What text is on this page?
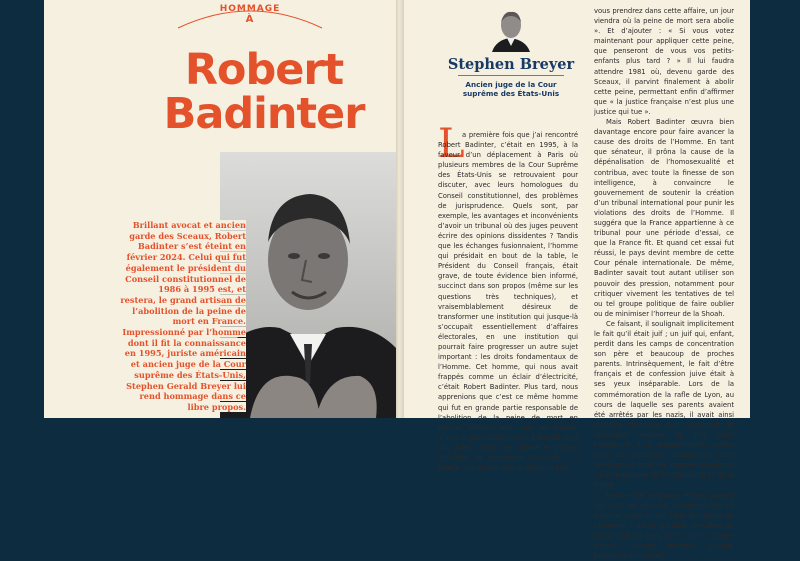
HOMMAGE
À
Robert
Badinter
Brillant avocat et ancien garde des Sceaux, Robert Badinter s’est éteint en février 2024. Celui qui fut également le président du Conseil constitutionnel de 1986 à 1995 est, et restera, le grand artisan de l’abolition de la peine de mort en France. Impressionné par l’homme dont il fit la connaissance en 1995, juriste américain et ancien juge de la Cour suprême des États-Unis, Stephen Gerald Breyer lui rend hommage dans ce libre propos.
Stephen Breyer
Ancien juge de la Cour suprême des États-Unis
L

a première fois que j’ai rencontré Robert Badinter, c’était en 1995, à la faveur d’un déplacement à Paris où plusieurs membres de la Cour Suprême des États-Unis se retrouvaient pour discuter, avec leurs homologues du Conseil constitutionnel, des problèmes de jurisprudence. Quels sont, par exemple, les avantages et inconvénients d’avoir un tribunal où des juges peuvent écrire des opinions dissidentes ? Tandis que les échanges fusionnaient, l’homme qui présidait en bout de la table, le Président du Conseil français, était grave, de toute évidence bien informé, succinct dans son propos (même sur les questions très techniques), et vraisemblablement désireux de transformer une institution qui jusque-là s’occupait essentiellement d’affaires électorales, en une institution qui pourrait faire progresser un autre sujet important : les droits fondamentaux de l’Homme. Cet homme, qui nous avait frappés comme un éclair d’électricité, c’était Robert Badinter. Plus tard, nous apprenions que c’est ce même homme qui fut en grande partie responsable de l’abolition de la peine de mort en France. Utilisant avec brio ses talents d’avocat pour cette cause, il lançait ainsi aux jurés, dans une affaire le voyant défendre de dangereux criminels : « Quelle que puisse être la décision que

vous prendrez dans cette affaire, un jour viendra où la peine de mort sera abolie ». Et d’ajouter : « Si vous votez maintenant pour appliquer cette peine, que penseront de vous vos petits-enfants plus tard ? » Il lui faudra attendre 1981 où, devenu garde des Sceaux, il parvint finalement à abolir cette peine, permettant enfin d’affirmer que « la justice française n’est plus une justice qui tue ».

Mais Robert Badinter œuvra bien davantage encore pour faire avancer la cause des droits de l’Homme. En tant que sénateur, il prôna la cause de la dépénalisation de l’homosexualité et contribua, avec toute la finesse de son intelligence, à convaincre le gouvernement de soutenir la création d’un tribunal international pour punir les violations des droits de l’Homme. Il suggéra que la France appartienne à ce tribunal pour une période d’essai, ce que la France fit. Et quand cet essai fut réussi, le pays devint membre de cette Cour pénale internationale. De même, Badinter savait tout autant utiliser son pouvoir des pression, notamment pour critiquer vivement les tentatives de tel ou tel groupe politique de faire oublier ou de minimiser l’horreur de la Shoah.

Ce faisant, il soulignait implicitement le fait qu’il était juif ; un juif qui, enfant, perdit dans les camps de concentration son père et beaucoup de proches parents. Intrinsèquement, le fait d’être français et de confession juive était à ses yeux inséparable. Lors de la commémoration de la rafle de Lyon, au cours de laquelle ses parents avaient été arrêtés par les nazis, il avait ainsi exprimé l’honneur qu’il ressentait de rencontrer encore de nos jours l’existence d’un antisémitisme, certes paré de nouveaux vêtements, mais révélant au fond les mêmes anciennes caractéristiques de l’irrationalité et de la haine.

Héritier de ce passé et des valeurs qui sont les siennes, comment fera-t-il avancer cette cause, celle des droits de l’Homme ? En la gardant chevillée au corps tout au long de sa vie ; comme avocat, comme ministre, comme président du Conseil
